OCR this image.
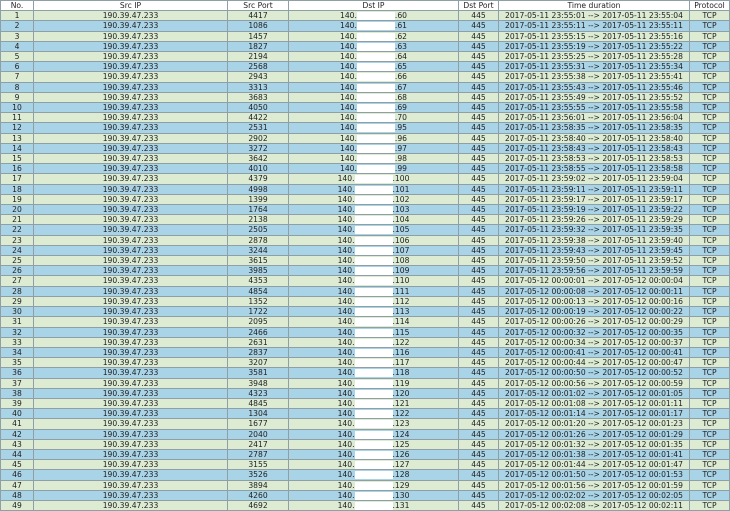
No.	Src IP	Src Port	Dst IP	Dst Port	Time duration	Protocol
1	190.39.47.233	4417	140. .60	445	2017-05-11 23:55:01 --> 2017-05-11 23:55:04	TCP
2	190.39.47.233	1086	140. .61	445	2017-05-11 23:55:11 --> 2017-05-11 23:55:11	TCP
3	190.39.47.233	1457	140. .62	445	2017-05-11 23:55:15 --> 2017-05-11 23:55:16	TCP
4	190.39.47.233	1827	140. .63	445	2017-05-11 23:55:19 --> 2017-05-11 23:55:22	TCP
5	190.39.47.233	2194	140. .64	445	2017-05-11 23:55:25 --> 2017-05-11 23:55:28	TCP
6	190.39.47.233	2568	140. .65	445	2017-05-11 23:55:31 --> 2017-05-11 23:55:34	TCP
7	190.39.47.233	2943	140. .66	445	2017-05-11 23:55:38 --> 2017-05-11 23:55:41	TCP
8	190.39.47.233	3313	140. .67	445	2017-05-11 23:55:43 --> 2017-05-11 23:55:46	TCP
9	190.39.47.233	3683	140. .68	445	2017-05-11 23:55:49 --> 2017-05-11 23:55:52	TCP
10	190.39.47.233	4050	140. .69	445	2017-05-11 23:55:55 --> 2017-05-11 23:55:58	TCP
11	190.39.47.233	4422	140. .70	445	2017-05-11 23:56:01 --> 2017-05-11 23:56:04	TCP
12	190.39.47.233	2531	140. .95	445	2017-05-11 23:58:35 --> 2017-05-11 23:58:35	TCP
13	190.39.47.233	2902	140. .96	445	2017-05-11 23:58:40 --> 2017-05-11 23:58:40	TCP
14	190.39.47.233	3272	140. .97	445	2017-05-11 23:58:43 --> 2017-05-11 23:58:43	TCP
15	190.39.47.233	3642	140. .98	445	2017-05-11 23:58:53 --> 2017-05-11 23:58:53	TCP
16	190.39.47.233	4010	140. .99	445	2017-05-11 23:58:55 --> 2017-05-11 23:58:58	TCP
17	190.39.47.233	4379	140. .100	445	2017-05-11 23:59:02 --> 2017-05-11 23:59:04	TCP
18	190.39.47.233	4998	140. .101	445	2017-05-11 23:59:11 --> 2017-05-11 23:59:11	TCP
19	190.39.47.233	1399	140. .102	445	2017-05-11 23:59:17 --> 2017-05-11 23:59:17	TCP
20	190.39.47.233	1764	140. .103	445	2017-05-11 23:59:19 --> 2017-05-11 23:59:22	TCP
21	190.39.47.233	2138	140. .104	445	2017-05-11 23:59:26 --> 2017-05-11 23:59:29	TCP
22	190.39.47.233	2505	140. .105	445	2017-05-11 23:59:32 --> 2017-05-11 23:59:35	TCP
23	190.39.47.233	2878	140. .106	445	2017-05-11 23:59:38 --> 2017-05-11 23:59:40	TCP
24	190.39.47.233	3244	140. .107	445	2017-05-11 23:59:43 --> 2017-05-11 23:59:45	TCP
25	190.39.47.233	3615	140. .108	445	2017-05-11 23:59:50 --> 2017-05-11 23:59:52	TCP
26	190.39.47.233	3985	140. .109	445	2017-05-11 23:59:56 --> 2017-05-11 23:59:59	TCP
27	190.39.47.233	4353	140. .110	445	2017-05-12 00:00:01 --> 2017-05-12 00:00:04	TCP
28	190.39.47.233	4854	140. .111	445	2017-05-12 00:00:08 --> 2017-05-12 00:00:11	TCP
29	190.39.47.233	1352	140. .112	445	2017-05-12 00:00:13 --> 2017-05-12 00:00:16	TCP
30	190.39.47.233	1722	140. .113	445	2017-05-12 00:00:19 --> 2017-05-12 00:00:22	TCP
31	190.39.47.233	2095	140. .114	445	2017-05-12 00:00:26 --> 2017-05-12 00:00:29	TCP
32	190.39.47.233	2466	140. .115	445	2017-05-12 00:00:32 --> 2017-05-12 00:00:35	TCP
33	190.39.47.233	2631	140. .122	445	2017-05-12 00:00:34 --> 2017-05-12 00:00:37	TCP
34	190.39.47.233	2837	140. .116	445	2017-05-12 00:00:41 --> 2017-05-12 00:00:41	TCP
35	190.39.47.233	3207	140. .117	445	2017-05-12 00:00:44 --> 2017-05-12 00:00:47	TCP
36	190.39.47.233	3581	140. .118	445	2017-05-12 00:00:50 --> 2017-05-12 00:00:52	TCP
37	190.39.47.233	3948	140. .119	445	2017-05-12 00:00:56 --> 2017-05-12 00:00:59	TCP
38	190.39.47.233	4323	140. .120	445	2017-05-12 00:01:02 --> 2017-05-12 00:01:05	TCP
39	190.39.47.233	4845	140. .121	445	2017-05-12 00:01:08 --> 2017-05-12 00:01:11	TCP
40	190.39.47.233	1304	140. .122	445	2017-05-12 00:01:14 --> 2017-05-12 00:01:17	TCP
41	190.39.47.233	1677	140. .123	445	2017-05-12 00:01:20 --> 2017-05-12 00:01:23	TCP
42	190.39.47.233	2040	140. .124	445	2017-05-12 00:01:26 --> 2017-05-12 00:01:29	TCP
43	190.39.47.233	2417	140. .125	445	2017-05-12 00:01:32 --> 2017-05-12 00:01:35	TCP
44	190.39.47.233	2787	140. .126	445	2017-05-12 00:01:38 --> 2017-05-12 00:01:41	TCP
45	190.39.47.233	3155	140. .127	445	2017-05-12 00:01:44 --> 2017-05-12 00:01:47	TCP
46	190.39.47.233	3526	140. .128	445	2017-05-12 00:01:50 --> 2017-05-12 00:01:53	TCP
47	190.39.47.233	3894	140. .129	445	2017-05-12 00:01:56 --> 2017-05-12 00:01:59	TCP
48	190.39.47.233	4260	140. .130	445	2017-05-12 00:02:02 --> 2017-05-12 00:02:05	TCP
49	190.39.47.233	4692	140. .131	445	2017-05-12 00:02:08 --> 2017-05-12 00:02:11	TCP
